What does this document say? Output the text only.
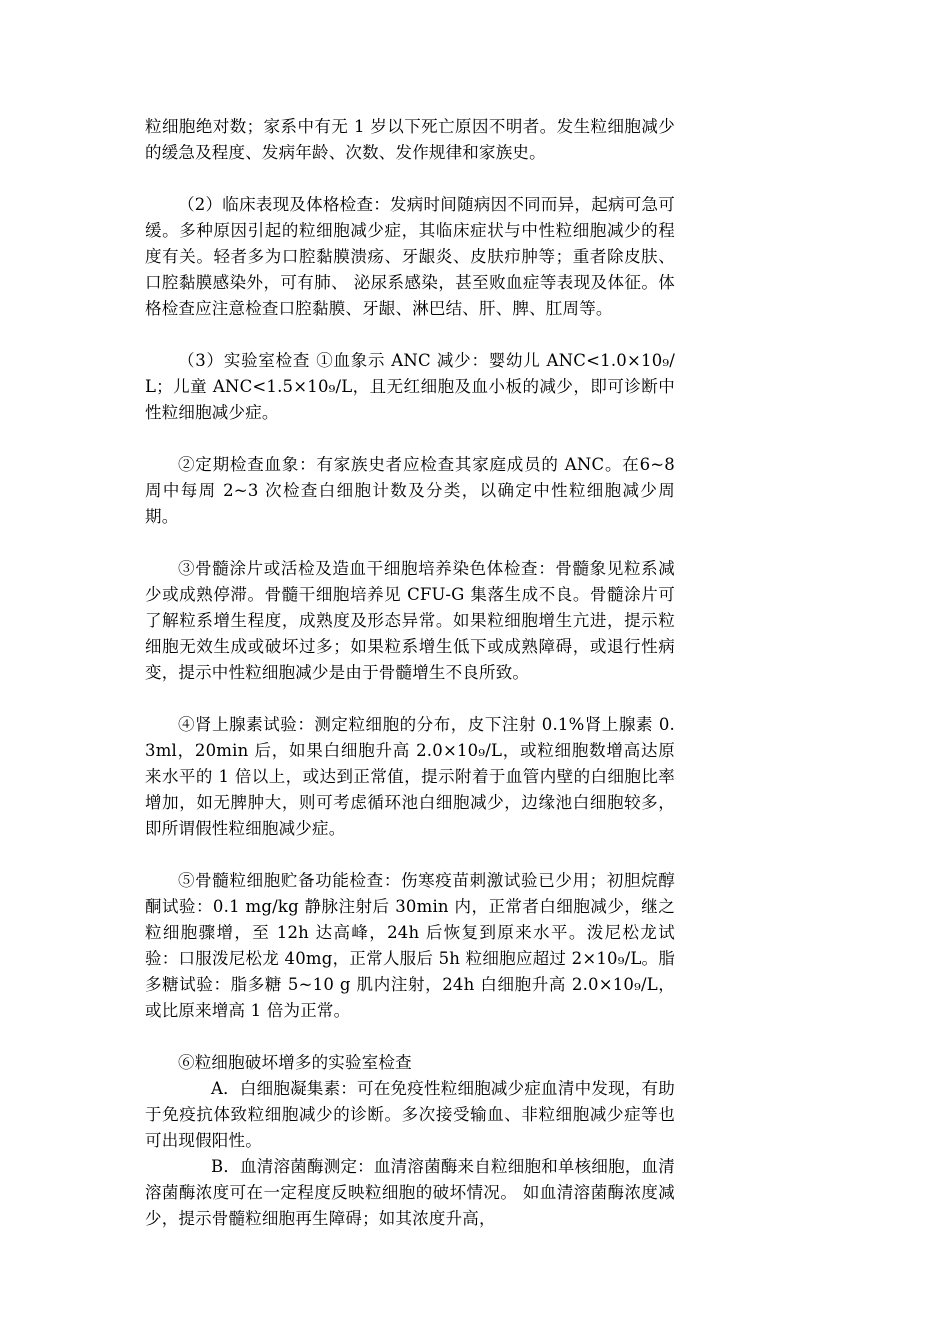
粒细胞绝对数；家系中有无 1 岁以下死亡原因不明者。发生粒细胞减少的缓急及程度、发病年龄、次数、发作规律和家族史。

（2）临床表现及体格检查：发病时间随病因不同而异，起病可急可缓。多种原因引起的粒细胞减少症，其临床症状与中性粒细胞减少的程度有关。轻者多为口腔黏膜溃疡、牙龈炎、皮肤疖肿等；重者除皮肤、口腔黏膜感染外，可有肺、 泌尿系感染，甚至败血症等表现及体征。体格检查应注意检查口腔黏膜、牙龈、淋巴结、肝、脾、肛周等。

（3）实验室检查 ①血象示 ANC 减少：婴幼儿 ANC<1.0×10₉/L；儿童 ANC<1.5×10₉/L，且无红细胞及血小板的减少，即可诊断中性粒细胞减少症。

②定期检查血象：有家族史者应检查其家庭成员的 ANC。在6~8 周中每周 2~3 次检查白细胞计数及分类，以确定中性粒细胞减少周期。

③骨髓涂片或活检及造血干细胞培养染色体检查：骨髓象见粒系减少或成熟停滞。骨髓干细胞培养见 CFU-G 集落生成不良。骨髓涂片可了解粒系增生程度，成熟度及形态异常。如果粒细胞增生亢进，提示粒细胞无效生成或破坏过多；如果粒系增生低下或成熟障碍，或退行性病变，提示中性粒细胞减少是由于骨髓增生不良所致。

④肾上腺素试验：测定粒细胞的分布，皮下注射 0.1%肾上腺素 0.3ml，20min 后，如果白细胞升高 2.0×10₉/L，或粒细胞数增高达原来水平的 1 倍以上，或达到正常值，提示附着于血管内壁的白细胞比率增加，如无脾肿大，则可考虑循环池白细胞减少，边缘池白细胞较多，即所谓假性粒细胞减少症。

⑤骨髓粒细胞贮备功能检查：伤寒疫苗刺激试验已少用；初胆烷醇酮试验：0.1 mg/kg 静脉注射后 30min 内，正常者白细胞减少，继之粒细胞骤增，至 12h 达高峰，24h 后恢复到原来水平。泼尼松龙试验：口服泼尼松龙 40mg，正常人服后 5h 粒细胞应超过 2×10₉/L。脂多糖试验：脂多糖 5~10 g 肌内注射，24h 白细胞升高 2.0×10₉/L，或比原来增高 1 倍为正常。

⑥粒细胞破坏增多的实验室检查

A．白细胞凝集素：可在免疫性粒细胞减少症血清中发现，有助于免疫抗体致粒细胞减少的诊断。多次接受输血、非粒细胞减少症等也可出现假阳性。

B．血清溶菌酶测定：血清溶菌酶来自粒细胞和单核细胞，血清溶菌酶浓度可在一定程度反映粒细胞的破坏情况。 如血清溶菌酶浓度减少，提示骨髓粒细胞再生障碍；如其浓度升高，
